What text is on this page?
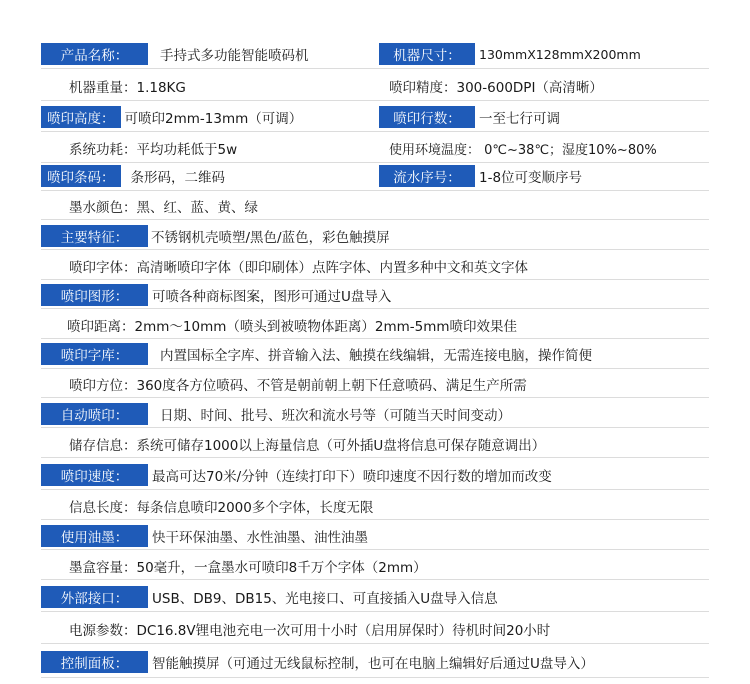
产品名称：	手持式多功能智能喷码机	机器尺寸：	130mmX128mmX200mm
机器重量：1.18KG	喷印精度：300-600DPI（高清晰）
喷印高度： 可喷印2mm-13mm（可调）	喷印行数：	一至七行可调
系统功耗：平均功耗低于5w	使用环境温度： 0℃~38℃；湿度10%~80%
喷印条码：	条形码，二维码	流水序号：	1-8位可变顺序号
墨水颜色：黑、红、蓝、黄、绿
主要特征：	不锈钢机壳喷塑/黑色/蓝色，彩色触摸屏
喷印字体：高清晰喷印字体（即印刷体）点阵字体、内置多种中文和英文字体
喷印图形：	可喷各种商标图案，图形可通过U盘导入
喷印距离：2mm～10mm（喷头到被喷物体距离）2mm-5mm喷印效果佳
喷印字库：	内置国标全字库、拼音输入法、触摸在线编辑，无需连接电脑，操作简便
喷印方位：360度各方位喷码、不管是朝前朝上朝下任意喷码、满足生产所需
自动喷印：	日期、时间、批号、班次和流水号等（可随当天时间变动）
储存信息：系统可储存1000以上海量信息（可外插U盘将信息可保存随意调出）
喷印速度：	最高可达70米/分钟（连续打印下）喷印速度不因行数的增加而改变
信息长度：每条信息喷印2000多个字体，长度无限
使用油墨：	快干环保油墨、水性油墨、油性油墨
墨盒容量：50毫升，一盒墨水可喷印8千万个字体（2mm）
外部接口：	USB、DB9、DB15、光电接口、可直接插入U盘导入信息
电源参数：DC16.8V锂电池充电一次可用十小时（启用屏保时）待机时间20小时
控制面板：	智能触摸屏（可通过无线鼠标控制，也可在电脑上编辑好后通过U盘导入）
